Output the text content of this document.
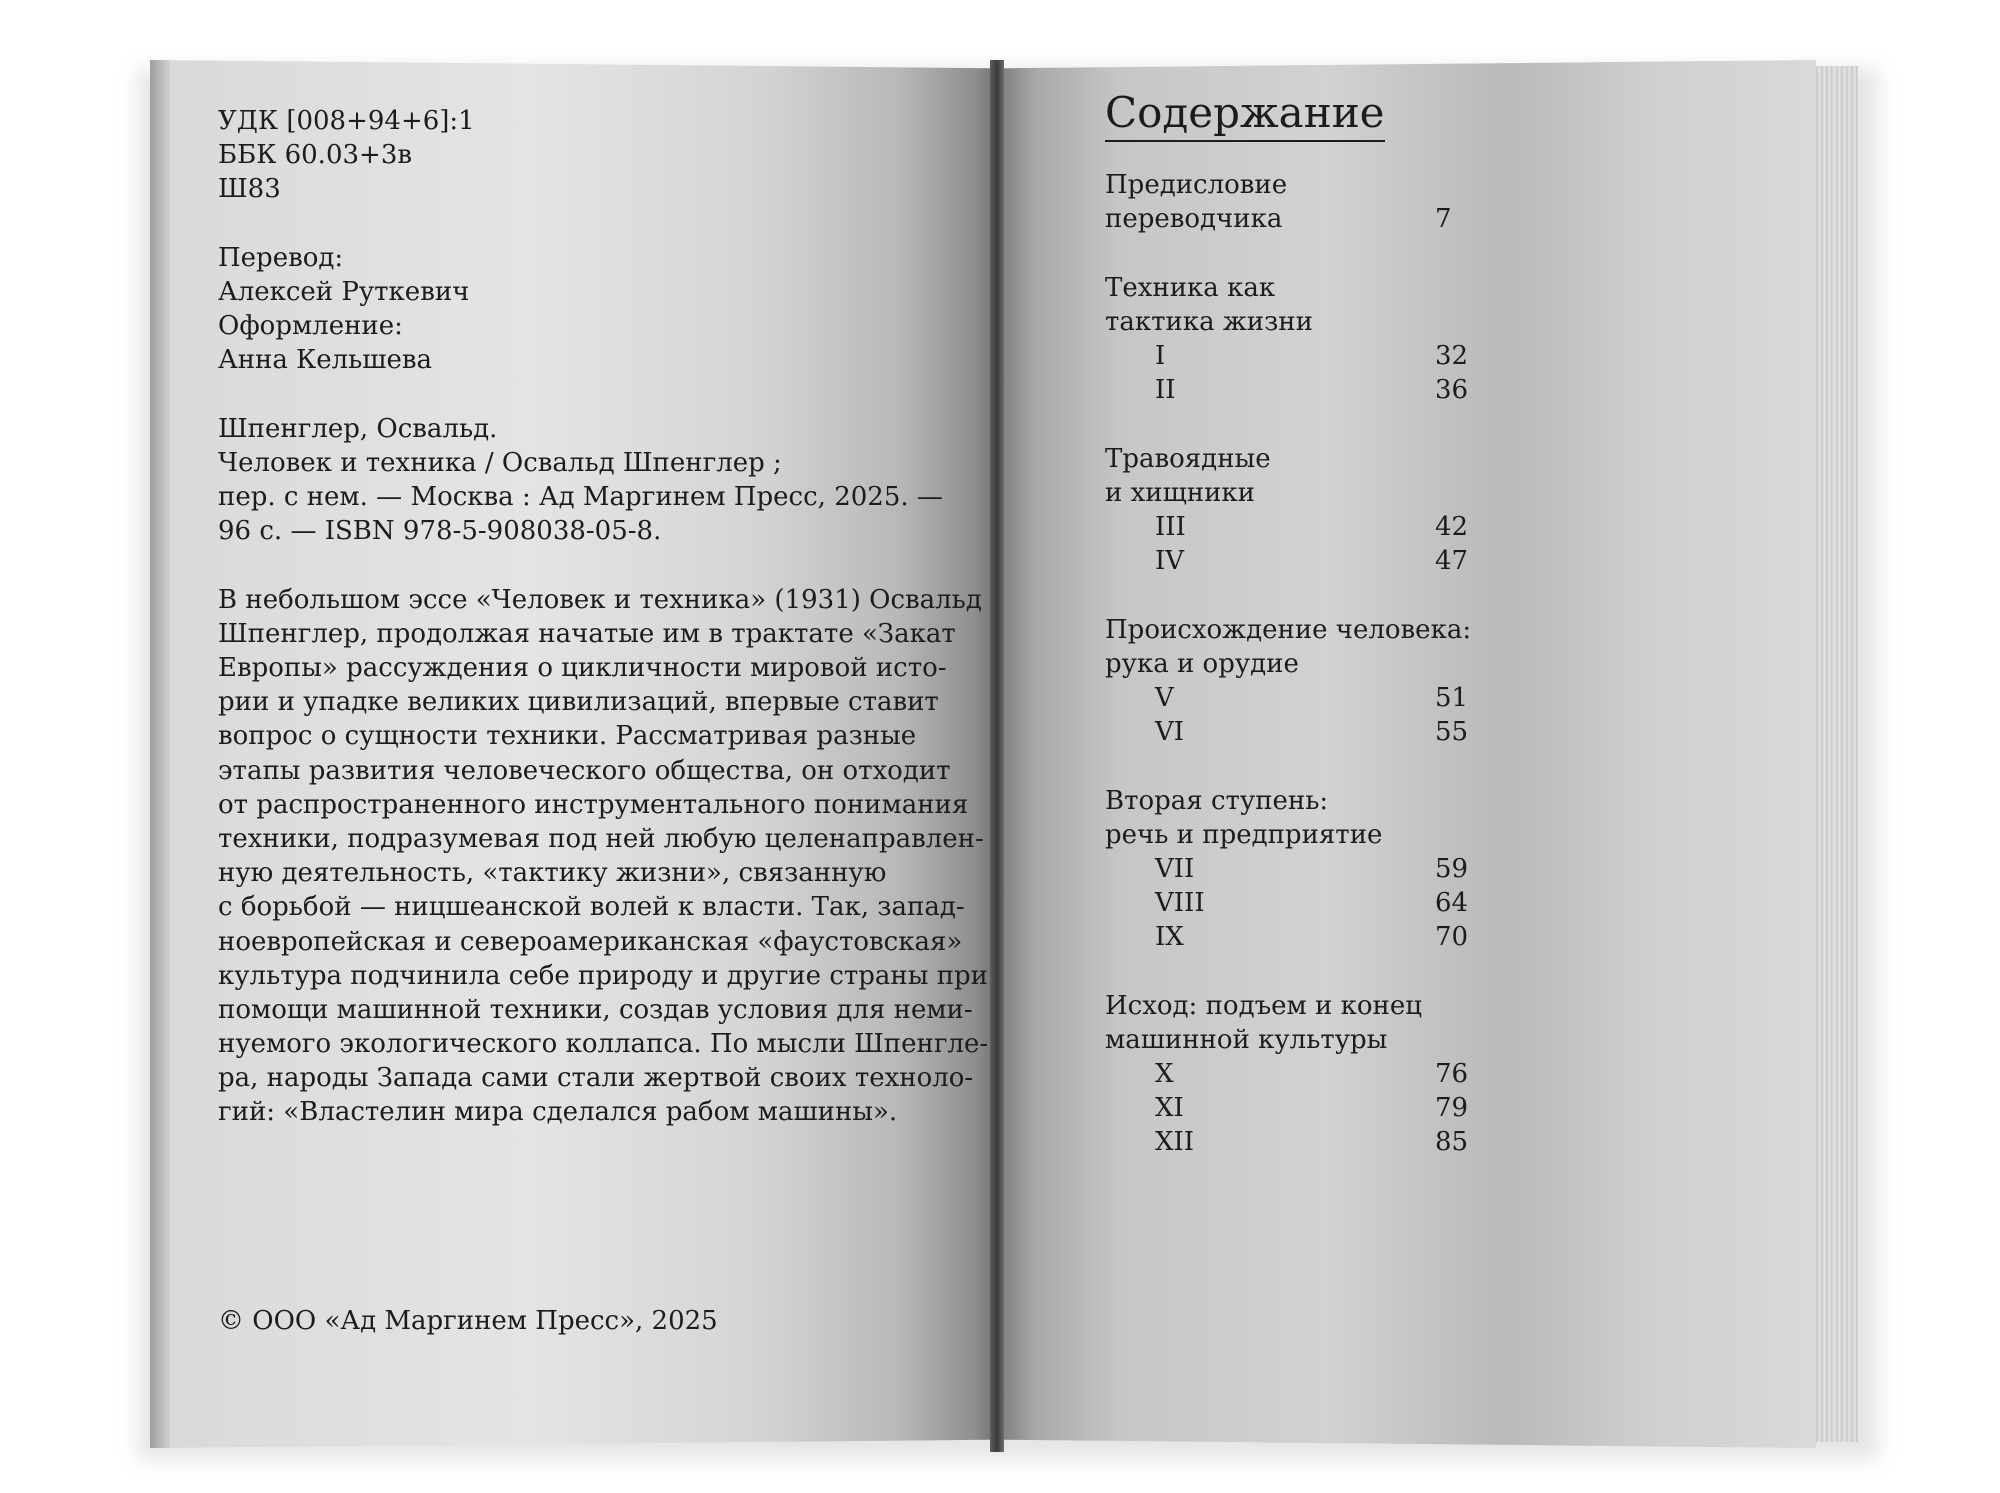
УДК [008+94+6]:1
ББК 60.03+3в
Ш83
Перевод:
Алексей Руткевич
Оформление:
Анна Кельшева
Шпенглер, Освальд.
Человек и техника / Освальд Шпенглер ;
пер. с нем. — Москва : Ад Маргинем Пресс, 2025. —
96 с. — ISBN 978-5-908038-05-8.
В небольшом эссе «Человек и техника» (1931) Освальд
Шпенглер, продолжая начатые им в трактате «Закат
Европы» рассуждения о цикличности мировой исто-
рии и упадке великих цивилизаций, впервые ставит
вопрос о сущности техники. Рассматривая разные
этапы развития человеческого общества, он отходит
от распространенного инструментального понимания
техники, подразумевая под ней любую целенаправлен-
ную деятельность, «тактику жизни», связанную
с борьбой — ницшеанской волей к власти. Так, запад-
ноевропейская и североамериканская «фаустовская»
культура подчинила себе природу и другие страны при
помощи машинной техники, создав условия для неми-
нуемого экологического коллапса. По мысли Шпенгле-
ра, народы Запада сами стали жертвой своих техноло-
гий: «Властелин мира сделался рабом машины».
© ООО «Ад Маргинем Пресс», 2025
Содержание
Предисловие
переводчика	7
Техника как
тактика жизни
I	32
II	36
Травоядные
и хищники
III	42
IV	47
Происхождение человека:
рука и орудие
V	51
VI	55
Вторая ступень:
речь и предприятие
VII	59
VIII	64
IX	70
Исход: подъем и конец
машинной культуры
X	76
XI	79
XII	85
